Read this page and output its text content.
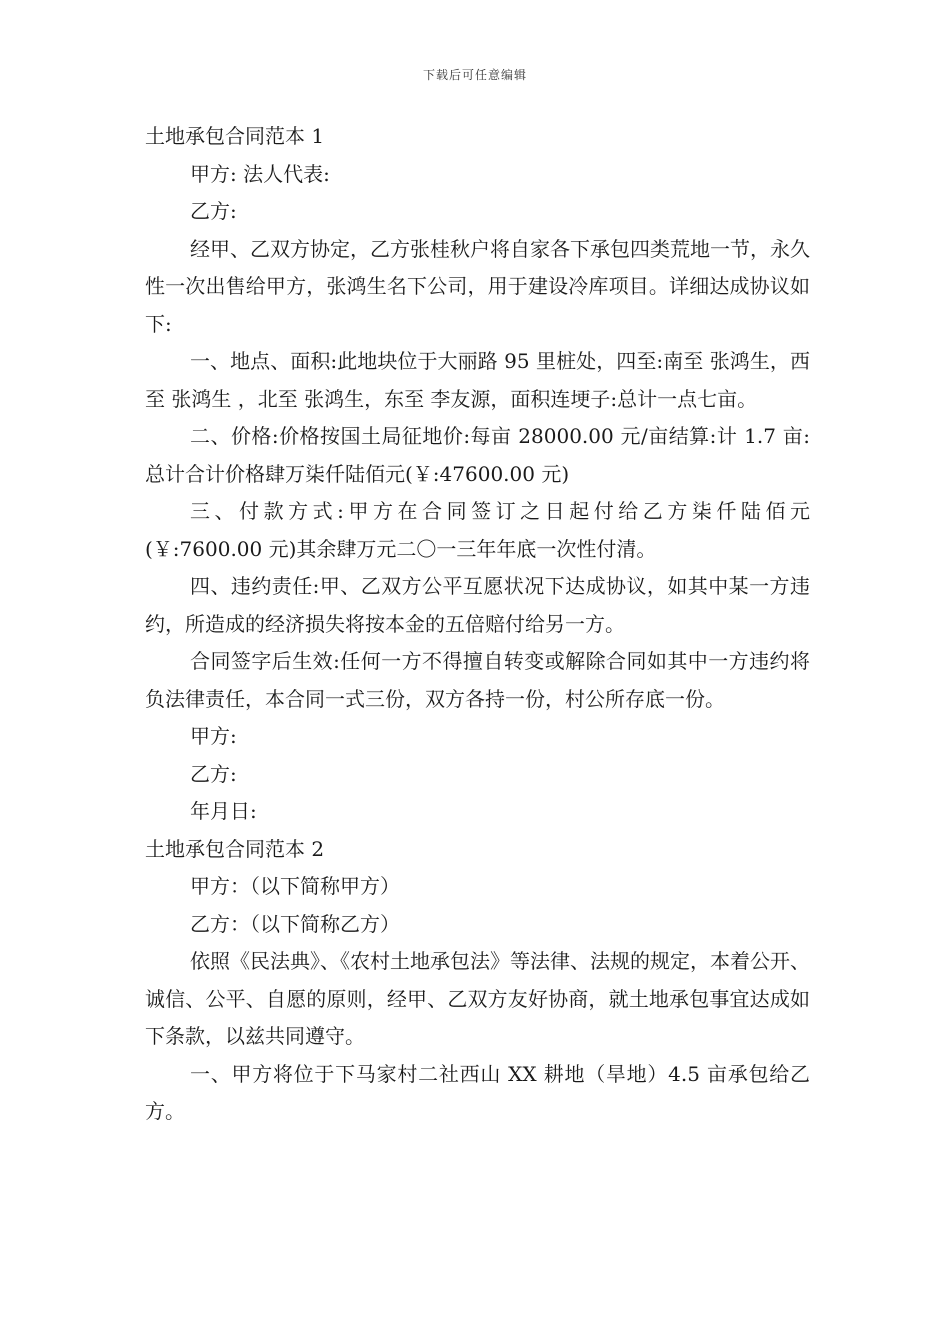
下载后可任意编辑

土地承包合同范本 1

甲方: 法人代表:

乙方:

经甲、乙双方协定，乙方张桂秋户将自家各下承包四类荒地一节，永久性一次出售给甲方，张鸿生名下公司，用于建设冷库项目。详细达成协议如下:

一、地点、面积:此地块位于大丽路 95 里桩处，四至:南至 张鸿生，西至 张鸿生 ，北至 张鸿生，东至 李友源，面积连埂子:总计一点七亩。

二、价格:价格按国土局征地价:每亩 28000.00 元/亩结算:计 1.7 亩:总计合计价格肆万柒仟陆佰元(￥:47600.00 元)

三、付款方式:甲方在合同签订之日起付给乙方柒仟陆佰元(￥:7600.00 元)其余肆万元二〇一三年年底一次性付清。

四、违约责任:甲、乙双方公平互愿状况下达成协议，如其中某一方违约，所造成的经济损失将按本金的五倍赔付给另一方。

合同签字后生效:任何一方不得擅自转变或解除合同如其中一方违约将负法律责任，本合同一式三份，双方各持一份，村公所存底一份。

甲方:

乙方:

年月日:

土地承包合同范本 2

甲方：（以下简称甲方）

乙方：（以下简称乙方）

依照《民法典》、《农村土地承包法》等法律、法规的规定，本着公开、诚信、公平、自愿的原则，经甲、乙双方友好协商，就土地承包事宜达成如下条款，以兹共同遵守。

一、甲方将位于下马家村二社西山 XX 耕地（旱地）4.5 亩承包给乙方。
